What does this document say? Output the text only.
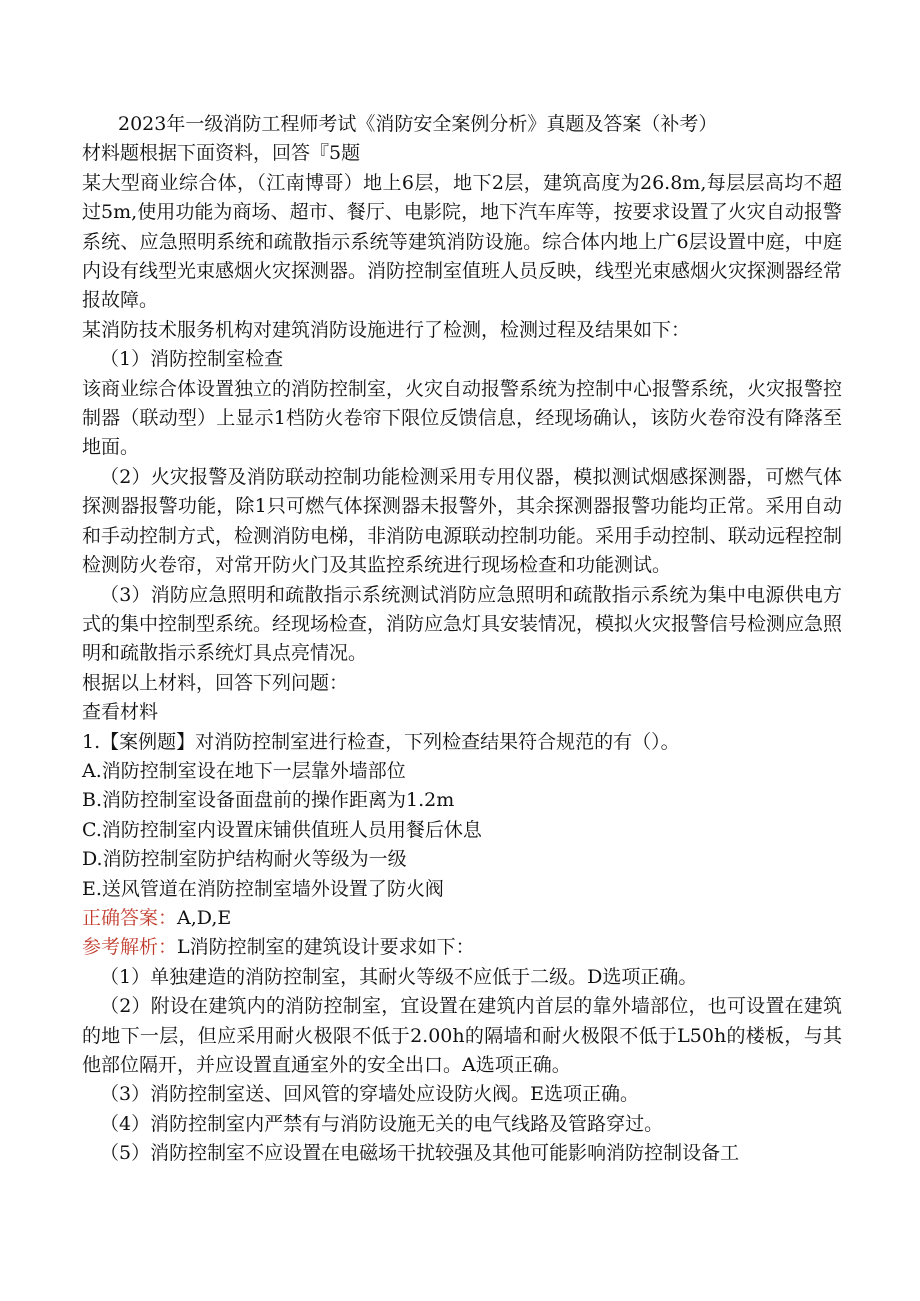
2023年一级消防工程师考试《消防安全案例分析》真题及答案（补考）

材料题根据下面资料，回答『5题

某大型商业综合体，（江南博哥）地上6层，地下2层，建筑高度为26.8m,每层层高均不超过5m,使用功能为商场、超市、餐厅、电影院，地下汽车库等，按要求设置了火灾自动报警系统、应急照明系统和疏散指示系统等建筑消防设施。综合体内地上广6层设置中庭，中庭内设有线型光束感烟火灾探测器。消防控制室值班人员反映，线型光束感烟火灾探测器经常报故障。

某消防技术服务机构对建筑消防设施进行了检测，检测过程及结果如下：

（1）消防控制室检查

该商业综合体设置独立的消防控制室，火灾自动报警系统为控制中心报警系统，火灾报警控制器（联动型）上显示1档防火卷帘下限位反馈信息，经现场确认，该防火卷帘没有降落至地面。

（2）火灾报警及消防联动控制功能检测采用专用仪器，模拟测试烟感探测器，可燃气体探测器报警功能，除1只可燃气体探测器未报警外，其余探测器报警功能均正常。采用自动和手动控制方式，检测消防电梯，非消防电源联动控制功能。采用手动控制、联动远程控制检测防火卷帘，对常开防火门及其监控系统进行现场检查和功能测试。

（3）消防应急照明和疏散指示系统测试消防应急照明和疏散指示系统为集中电源供电方式的集中控制型系统。经现场检查，消防应急灯具安装情况，模拟火灾报警信号检测应急照明和疏散指示系统灯具点亮情况。

根据以上材料，回答下列问题：

查看材料

1.【案例题】对消防控制室进行检查，下列检查结果符合规范的有（）。

A.消防控制室设在地下一层靠外墙部位

B.消防控制室设备面盘前的操作距离为1.2m

C.消防控制室内设置床铺供值班人员用餐后休息

D.消防控制室防护结构耐火等级为一级

E.送风管道在消防控制室墙外设置了防火阀

正确答案：A,D,E

参考解析：L消防控制室的建筑设计要求如下：

（1）单独建造的消防控制室，其耐火等级不应低于二级。D选项正确。

（2）附设在建筑内的消防控制室，宜设置在建筑内首层的靠外墙部位，也可设置在建筑的地下一层，但应采用耐火极限不低于2.00h的隔墙和耐火极限不低于L50h的楼板，与其他部位隔开，并应设置直通室外的安全出口。A选项正确。

（3）消防控制室送、回风管的穿墙处应设防火阀。E选项正确。

（4）消防控制室内严禁有与消防设施无关的电气线路及管路穿过。

（5）消防控制室不应设置在电磁场干扰较强及其他可能影响消防控制设备工
